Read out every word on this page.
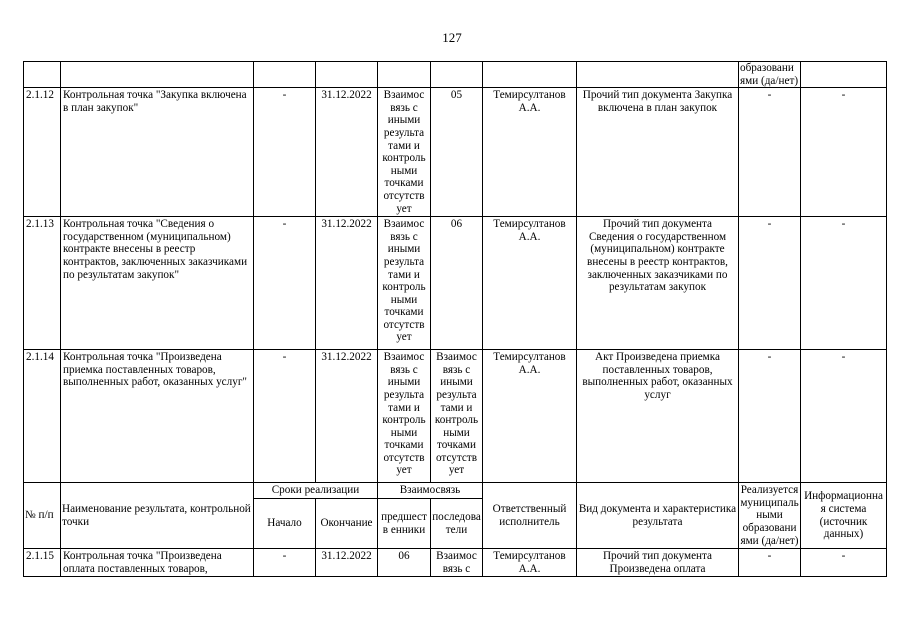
127
								образовани ями (да/нет)	
2.1.12	Контрольная точка "Закупка включена в план закупок"	-	31.12.2022	Взаимос вязь с иными результа тами и контроль ными точками отсутств ует	05	Темирсултанов А.А.	Прочий тип документа Закупка включена в план закупок	-	-
2.1.13	Контрольная точка "Сведения о государственном (муниципальном) контракте внесены в реестр контрактов, заключенных заказчиками по результатам закупок"	-	31.12.2022	Взаимос вязь с иными результа тами и контроль ными точками отсутств ует	06	Темирсултанов А.А.	Прочий тип документа Сведения о государственном (муниципальном) контракте внесены в реестр контрактов, заключенных заказчиками по результатам закупок	-	-
2.1.14	Контрольная точка "Произведена приемка поставленных товаров, выполненных работ, оказанных услуг"	-	31.12.2022	Взаимос вязь с иными результа тами и контроль ными точками отсутств ует	Взаимос вязь с иными результа тами и контроль ными точками отсутств ует	Темирсултанов А.А.	Акт Произведена приемка поставленных товаров, выполненных работ, оказанных услуг	-	-
№ п/п	Наименование результата, контрольной точки	Сроки реализации		Взаимосвязь		Ответственный исполнитель	Вид документа и характеристика результата	Реализуется муниципаль ными образовани ями (да/нет)	Информационна я система (источник данных)
		Начало	Окончание	предшеств енники	последова тели				
2.1.15	Контрольная точка "Произведена оплата поставленных товаров,	-	31.12.2022	06	Взаимос вязь с	Темирсултанов А.А.	Прочий тип документа Произведена оплата	-	-
